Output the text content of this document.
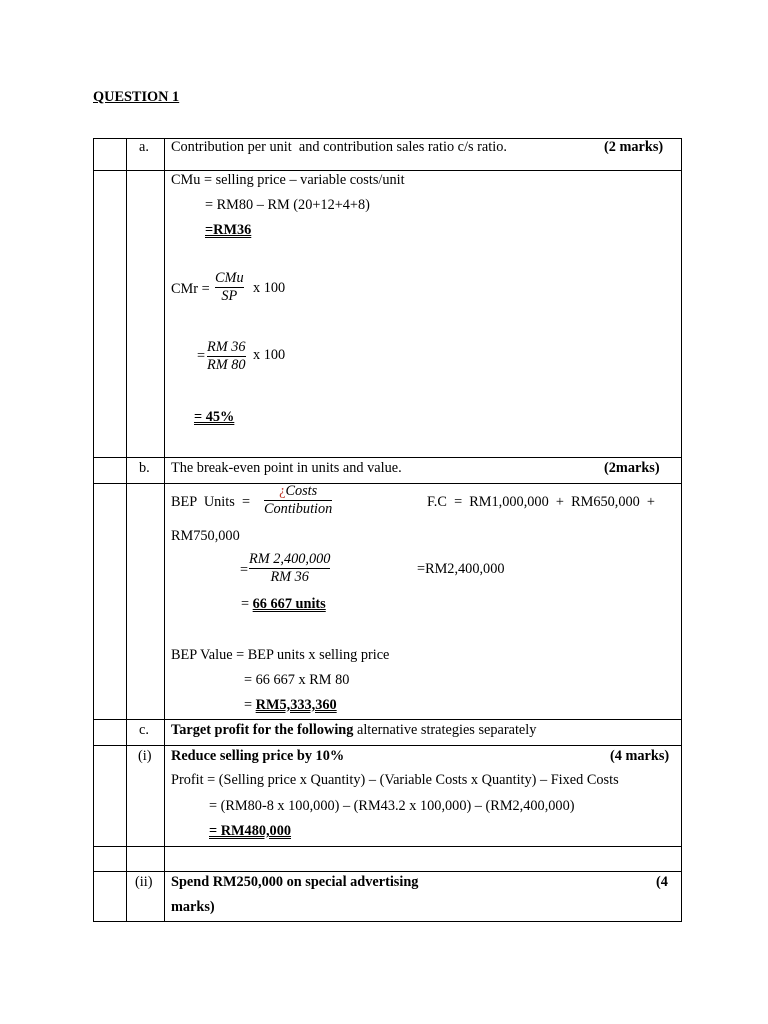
QUESTION 1
a. Contribution per unit  and contribution sales ratio c/s ratio.	(2 marks)
CMu = selling price – variable costs/unit
= RM80 – RM (20+12+4+8)
=RM36
CMr =
CMu
SP x 100
=
RM 36
RM 80
x 100
= 45%
b. The break-even point in units and value.	(2marks)
BEP  Units  =
¿Costs
Contibution	F.C  =  RM1,000,000  +  RM650,000  +
RM750,000
=
RM 2,400,000
RM 36	=RM2,400,000
= 66 667 units
BEP Value = BEP units x selling price
= 66 667 x RM 80
= RM5,333,360
c. Target profit for the following alternative strategies separately
(i) Reduce selling price by 10%	(4 marks)
Profit = (Selling price x Quantity) – (Variable Costs x Quantity) – Fixed Costs
= (RM80-8 x 100,000) – (RM43.2 x 100,000) – (RM2,400,000)
= RM480,000
(ii) Spend RM250,000 on special advertising	(4
marks)
